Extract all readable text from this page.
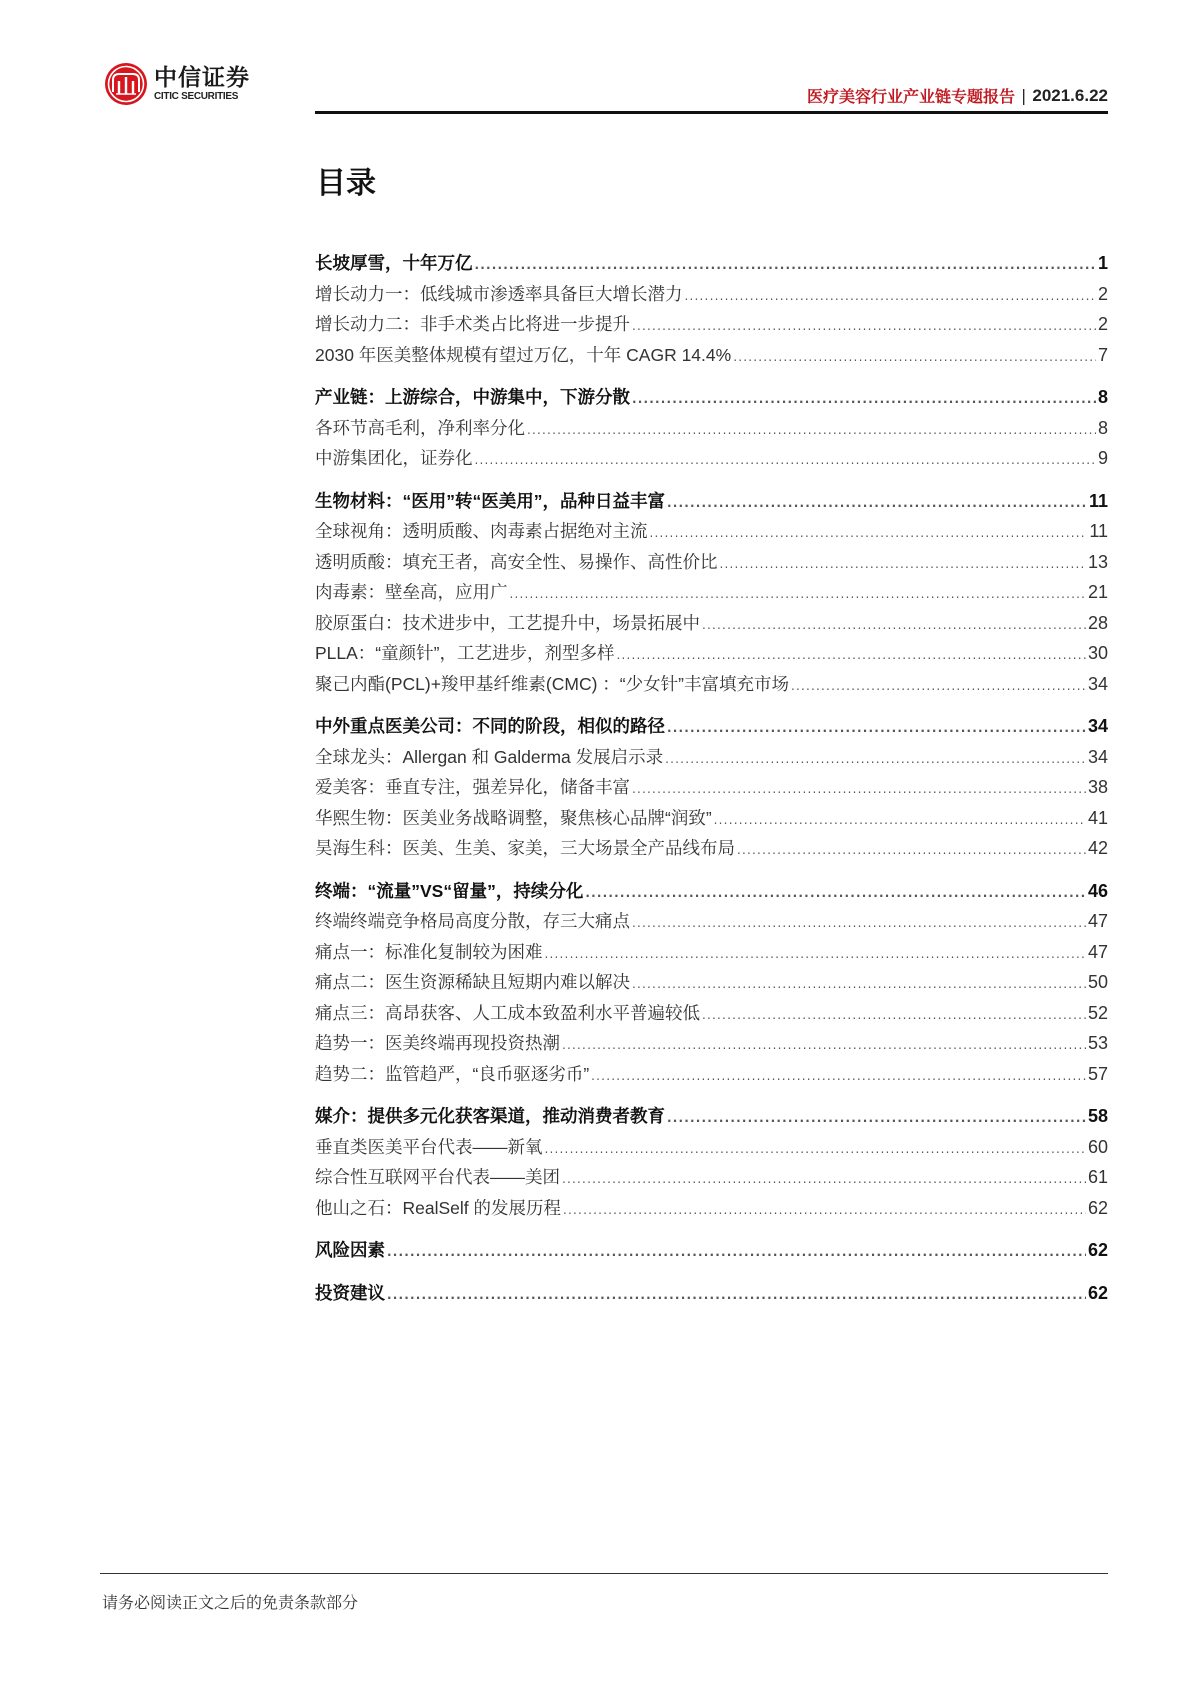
中信证券
CITIC SECURITIES	医疗美容行业产业链专题报告 | 2021.6.22
目录
长坡厚雪，十年万亿 .....	1
增长动力一：低线城市渗透率具备巨大增长潜力 .....	2
增长动力二：非手术类占比将进一步提升 .....	2
2030 年医美整体规模有望过万亿，十年 CAGR 14.4% .....	7
产业链：上游综合，中游集中，下游分散 .....	8
各环节高毛利，净利率分化 .....	8
中游集团化，证券化 .....	9
生物材料：“医用”转“医美用”，品种日益丰富 .....	11
全球视角：透明质酸、肉毒素占据绝对主流 .....	11
透明质酸：填充王者，高安全性、易操作、高性价比 .....	13
肉毒素：壁垒高，应用广 .....	21
胶原蛋白：技术进步中，工艺提升中，场景拓展中 .....	28
PLLA：“童颜针”，工艺进步，剂型多样 .....	30
聚己内酯(PCL)+羧甲基纤维素(CMC) ：“少女针”丰富填充市场 .....	34
中外重点医美公司：不同的阶段，相似的路径 .....	34
全球龙头：Allergan 和 Galderma 发展启示录 .....	34
爱美客：垂直专注，强差异化，储备丰富 .....	38
华熙生物：医美业务战略调整，聚焦核心品牌“润致” .....	41
昊海生科：医美、生美、家美，三大场景全产品线布局 .....	42
终端：“流量”VS“留量”，持续分化 .....	46
终端终端竞争格局高度分散，存三大痛点 .....	47
痛点一：标准化复制较为困难 .....	47
痛点二：医生资源稀缺且短期内难以解决 .....	50
痛点三：高昂获客、人工成本致盈利水平普遍较低 .....	52
趋势一：医美终端再现投资热潮 .....	53
趋势二：监管趋严，“良币驱逐劣币” .....	57
媒介：提供多元化获客渠道，推动消费者教育 .....	58
垂直类医美平台代表——新氧 .....	60
综合性互联网平台代表——美团 .....	61
他山之石：RealSelf 的发展历程 .....	62
风险因素 .....	62
投资建议 .....	62
请务必阅读正文之后的免责条款部分
